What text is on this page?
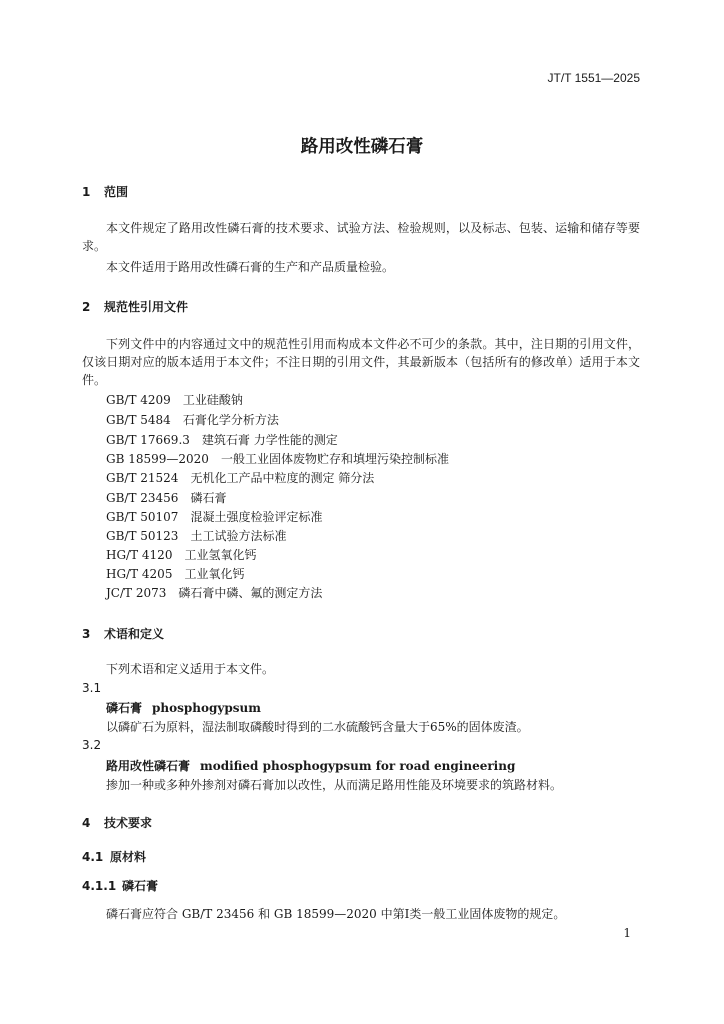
JT/T 1551—2025
路用改性磷石膏
1 范围
本文件规定了路用改性磷石膏的技术要求、试验方法、检验规则，以及标志、包装、运输和储存等要求。
本文件适用于路用改性磷石膏的生产和产品质量检验。
2 规范性引用文件
下列文件中的内容通过文中的规范性引用而构成本文件必不可少的条款。其中，注日期的引用文件，仅该日期对应的版本适用于本文件；不注日期的引用文件，其最新版本（包括所有的修改单）适用于本文件。
GB/T 4209　 工业硅酸钠
GB/T 5484　 石膏化学分析方法
GB/T 17669.3　 建筑石膏 力学性能的测定
GB 18599—2020　 一般工业固体废物贮存和填埋污染控制标准
GB/T 21524　 无机化工产品中粒度的测定 筛分法
GB/T 23456　 磷石膏
GB/T 50107　 混凝土强度检验评定标准
GB/T 50123　 土工试验方法标准
HG/T 4120　 工业氢氧化钙
HG/T 4205　 工业氧化钙
JC/T 2073　 磷石膏中磷、氟的测定方法
3 术语和定义
下列术语和定义适用于本文件。
3.1
磷石膏 phosphogypsum
以磷矿石为原料，湿法制取磷酸时得到的二水硫酸钙含量大于65%的固体废渣。
3.2
路用改性磷石膏 modified phosphogypsum for road engineering
掺加一种或多种外掺剂对磷石膏加以改性，从而满足路用性能及环境要求的筑路材料。
4 技术要求
4.1 原材料
4.1.1 磷石膏
磷石膏应符合 GB/T 23456 和 GB 18599—2020 中第Ⅰ类一般工业固体废物的规定。
1
